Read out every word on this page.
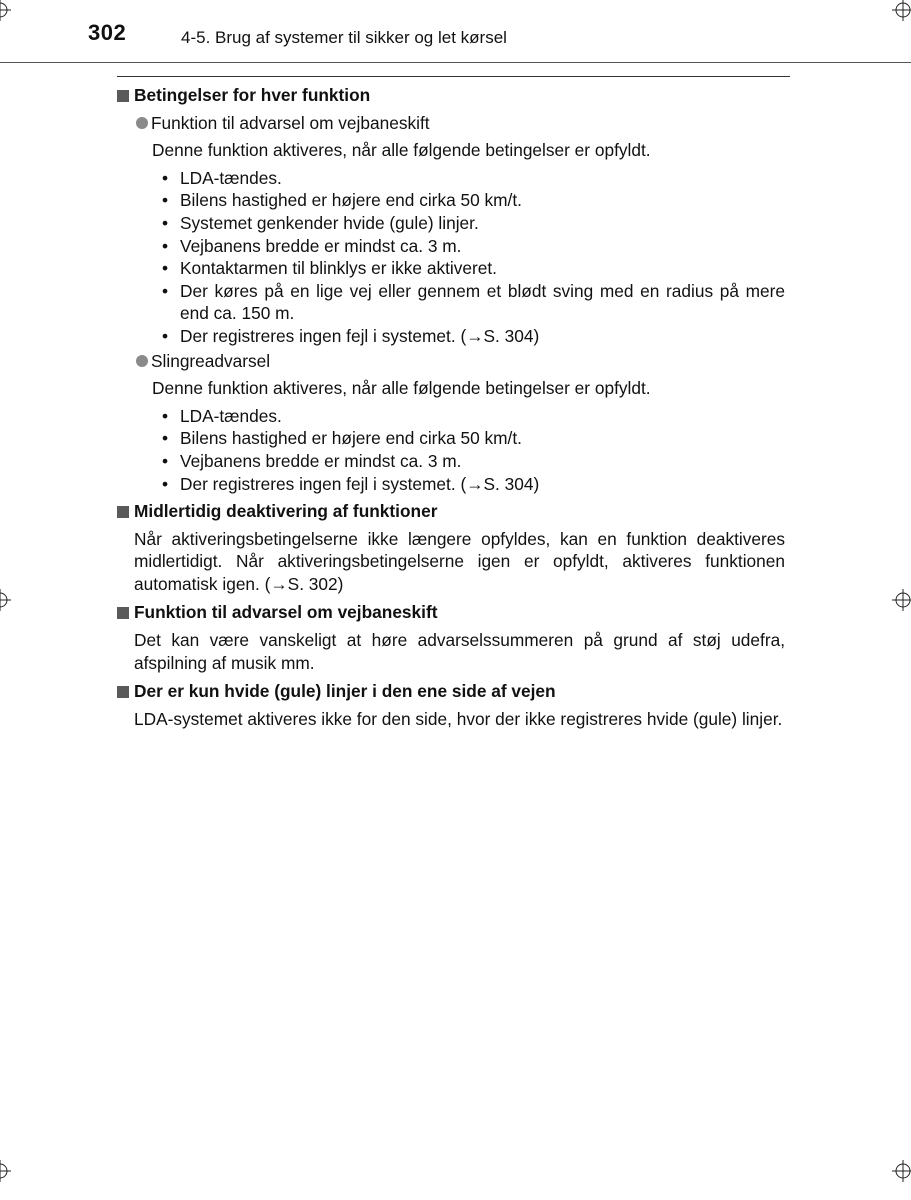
302	4-5. Brug af systemer til sikker og let kørsel
Betingelser for hver funktion
Funktion til advarsel om vejbaneskift
Denne funktion aktiveres, når alle følgende betingelser er opfyldt.
• LDA-tændes.
• Bilens hastighed er højere end cirka 50 km/t.
• Systemet genkender hvide (gule) linjer.
• Vejbanens bredde er mindst ca. 3 m.
• Kontaktarmen til blinklys er ikke aktiveret.
• Der køres på en lige vej eller gennem et blødt sving med en radius på mere end ca. 150 m.
• Der registreres ingen fejl i systemet. (→S. 304)
Slingreadvarsel
Denne funktion aktiveres, når alle følgende betingelser er opfyldt.
• LDA-tændes.
• Bilens hastighed er højere end cirka 50 km/t.
• Vejbanens bredde er mindst ca. 3 m.
• Der registreres ingen fejl i systemet. (→S. 304)
Midlertidig deaktivering af funktioner
Når aktiveringsbetingelserne ikke længere opfyldes, kan en funktion deaktiveres midlertidigt. Når aktiveringsbetingelserne igen er opfyldt, aktiveres funktionen automatisk igen. (→S. 302)
Funktion til advarsel om vejbaneskift
Det kan være vanskeligt at høre advarselssummeren på grund af støj udefra, afspilning af musik mm.
Der er kun hvide (gule) linjer i den ene side af vejen
LDA-systemet aktiveres ikke for den side, hvor der ikke registreres hvide (gule) linjer.
